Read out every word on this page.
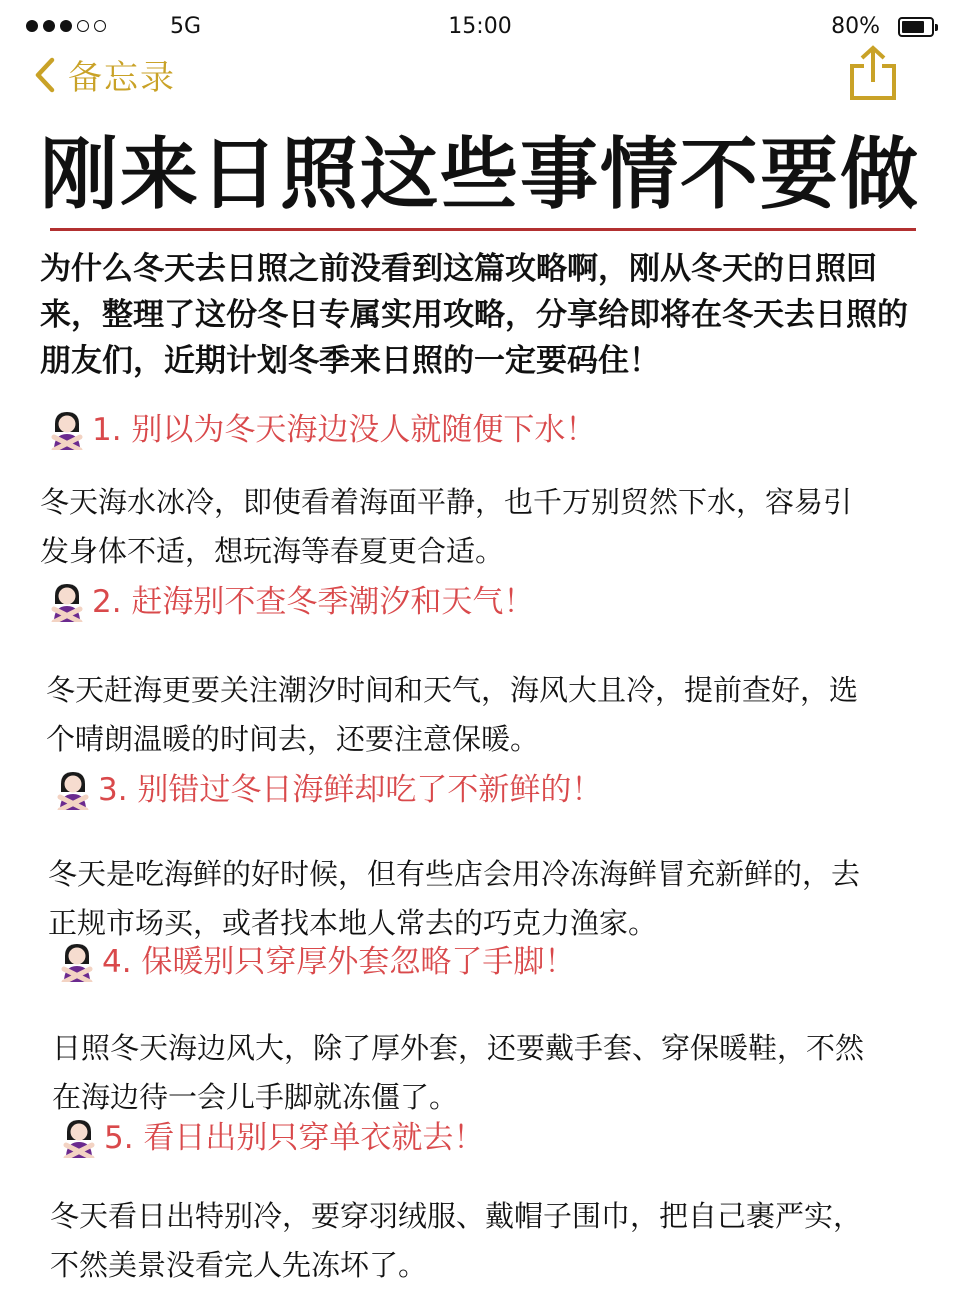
5G	15:00	80%
备忘录
刚来日照这些事情不要做
为什么冬天去日照之前没看到这篇攻略啊，刚从冬天的日照回来，整理了这份冬日专属实用攻略，分享给即将在冬天去日照的朋友们，近期计划冬季来日照的一定要码住！
1. 别以为冬天海边没人就随便下水！
冬天海水冰冷，即使看着海面平静，也千万别贸然下水，容易引发身体不适，想玩海等春夏更合适。
2. 赶海别不查冬季潮汐和天气！
冬天赶海更要关注潮汐时间和天气，海风大且冷，提前查好，选个晴朗温暖的时间去，还要注意保暖。
3. 别错过冬日海鲜却吃了不新鲜的！
冬天是吃海鲜的好时候，但有些店会用冷冻海鲜冒充新鲜的，去正规市场买，或者找本地人常去的巧克力渔家。
4. 保暖别只穿厚外套忽略了手脚！
日照冬天海边风大，除了厚外套，还要戴手套、穿保暖鞋，不然在海边待一会儿手脚就冻僵了。
5. 看日出别只穿单衣就去！
冬天看日出特别冷，要穿羽绒服、戴帽子围巾，把自己裹严实，不然美景没看完人先冻坏了。
